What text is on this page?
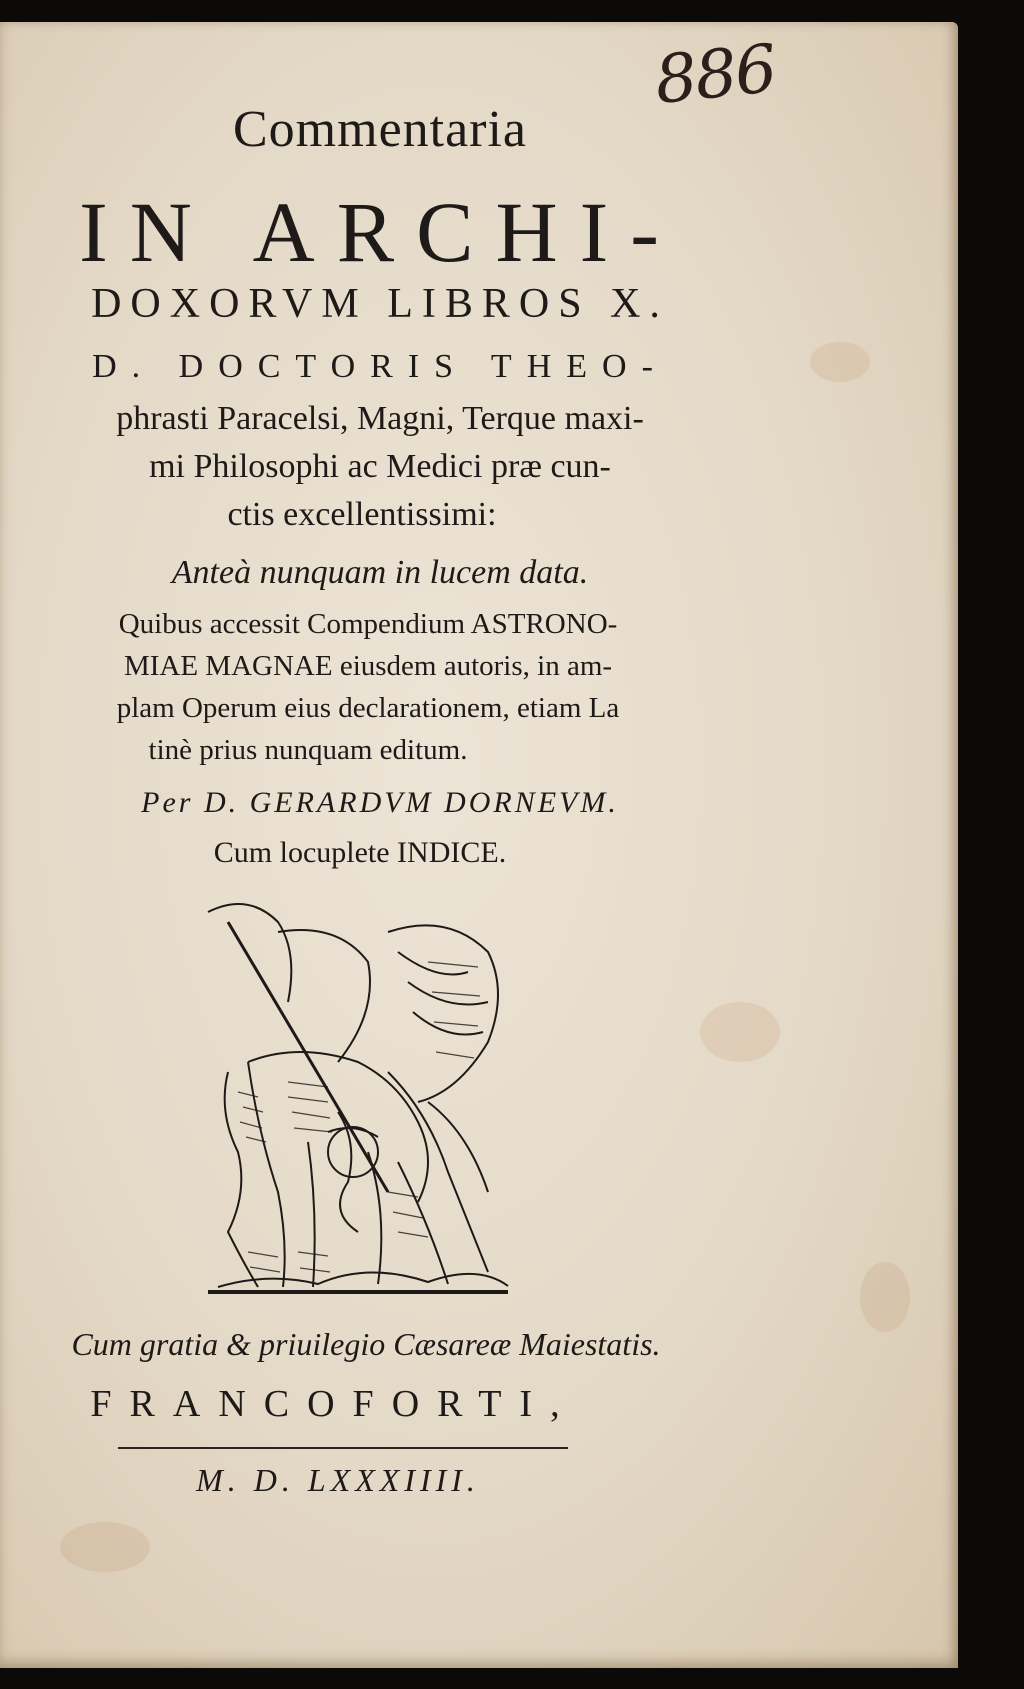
886
Commentaria
IN ARCHI-
DOXORVM LIBROS X.
D. DOCTORIS THEO-
phrasti Paracelsi, Magni, Terque maxi-
mi Philosophi ac Medici præ cun-
ctis excellentissimi:
Anteà nunquam in lucem data.
Quibus accessit Compendium ASTRONO-
MIAE MAGNAE eiusdem autoris, in am-
plam Operum eius declarationem, etiam La
tinè prius nunquam editum.
Per D. GERARDVM DORNEVM.
Cum locuplete INDICE.
Cum gratia & priuilegio Cæsareæ Maiestatis.
FRANCOFORTI,
M. D. LXXXIIII.
